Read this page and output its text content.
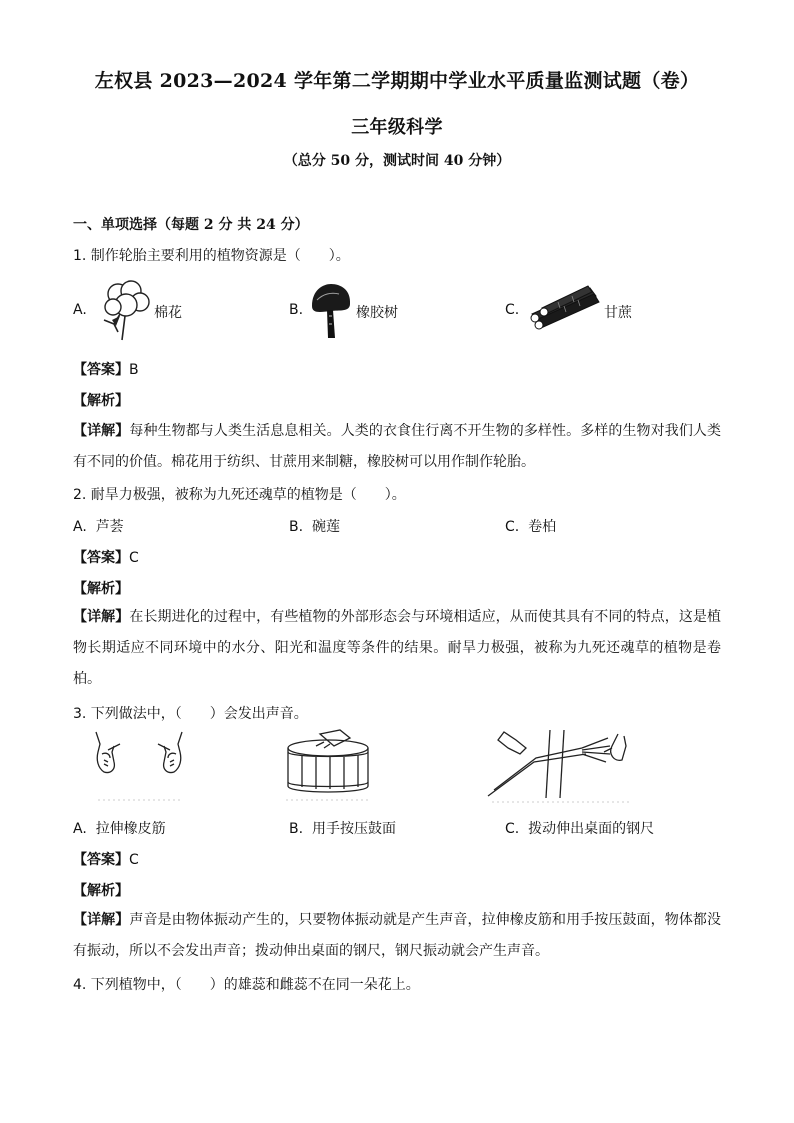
左权县 2023—2024 学年第二学期期中学业水平质量监测试题（卷）
三年级科学
（总分 50 分，测试时间 40 分钟）
一、单项选择（每题 2 分 共 24 分）
1. 制作轮胎主要利用的植物资源是（　　）。
A.	棉花	B.	橡胶树	C.	甘蔗
【答案】B
【解析】
【详解】每种生物都与人类生活息息相关。人类的衣食住行离不开生物的多样性。多样的生物对我们人类有不同的价值。棉花用于纺织、甘蔗用来制糖，橡胶树可以用作制作轮胎。
2. 耐旱力极强，被称为九死还魂草的植物是（　　）。
A. 芦荟	B. 碗莲	C. 卷柏
【答案】C
【解析】
【详解】在长期进化的过程中，有些植物的外部形态会与环境相适应，从而使其具有不同的特点，这是植物长期适应不同环境中的水分、阳光和温度等条件的结果。耐旱力极强，被称为九死还魂草的植物是卷柏。
3. 下列做法中，（　　）会发出声音。
A. 拉伸橡皮筋	B. 用手按压鼓面	C. 拨动伸出桌面的钢尺
【答案】C
【解析】
【详解】声音是由物体振动产生的，只要物体振动就是产生声音，拉伸橡皮筋和用手按压鼓面，物体都没有振动，所以不会发出声音；拨动伸出桌面的钢尺，钢尺振动就会产生声音。
4. 下列植物中，（　　）的雄蕊和雌蕊不在同一朵花上。
